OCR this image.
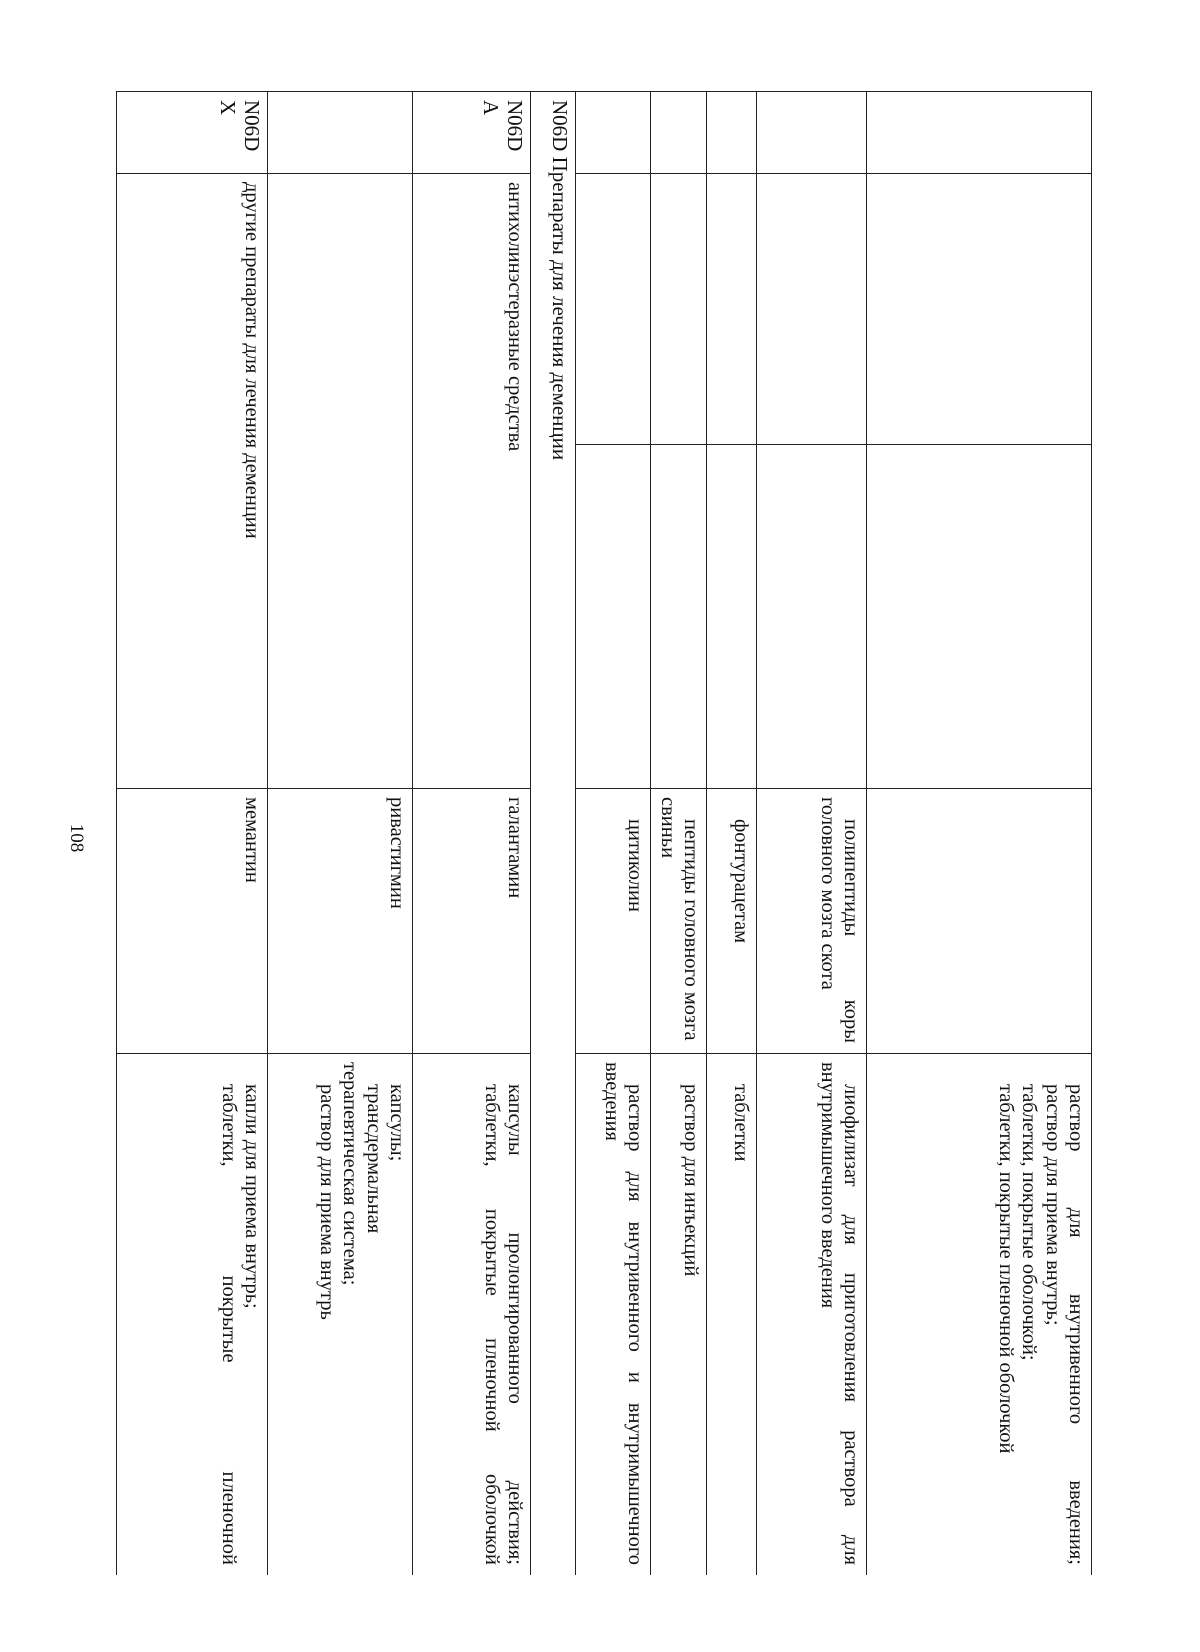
108

				раствор для внутривенного введения;
раствор для приема внутрь;
таблетки, покрытые оболочкой;
таблетки, покрытые пленочной оболочкой

			полипептиды коры головного мозга скота	лиофилизат для приготовления раствора для внутримышечного введения
			фонтурацетам	таблетки
			пептиды головного мозга свиньи	раствор для инъекций
			цитиколин	раствор для внутривенного и внутримышечного введения
N06D Препараты для лечения деменции				
N06DA	антихолинэстеразные средства		галантамин	капсулы пролонгированного действия;
таблетки, покрытые пленочной оболочкой

			ривастигмин	капсулы;
трансдермальная терапевтическая система;
раствор для приема внутрь

N06DX	другие препараты для лечения деменции		мемантин	капли для приема внутрь;
таблетки, покрытые пленочной
